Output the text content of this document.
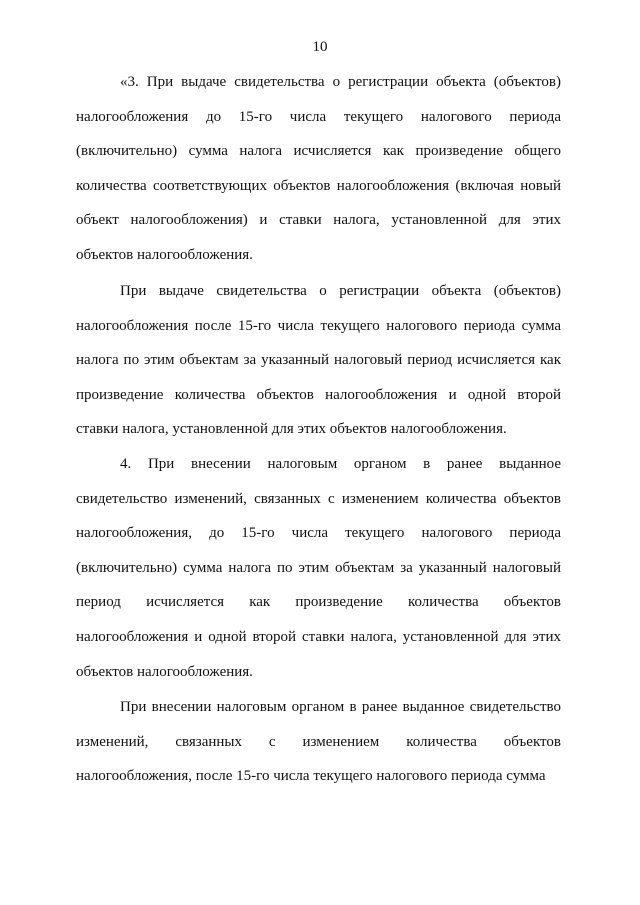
10

«3. При выдаче свидетельства о регистрации объекта (объектов) налогообложения до 15-го числа текущего налогового периода (включительно) сумма налога исчисляется как произведение общего количества соответствующих объектов налогообложения (включая новый объект налогообложения) и ставки налога, установленной для этих объектов налогообложения.

При выдаче свидетельства о регистрации объекта (объектов) налогообложения после 15-го числа текущего налогового периода сумма налога по этим объектам за указанный налоговый период исчисляется как произведение количества объектов налогообложения и одной второй ставки налога, установленной для этих объектов налогообложения.

4. При внесении налоговым органом в ранее выданное свидетельство изменений, связанных с изменением количества объектов налогообложения, до 15-го числа текущего налогового периода (включительно) сумма налога по этим объектам за указанный налоговый период исчисляется как произведение количества объектов налогообложения и одной второй ставки налога, установленной для этих объектов налогообложения.

При внесении налоговым органом в ранее выданное свидетельство изменений, связанных с изменением количества объектов налогообложения, после 15-го числа текущего налогового периода сумма
